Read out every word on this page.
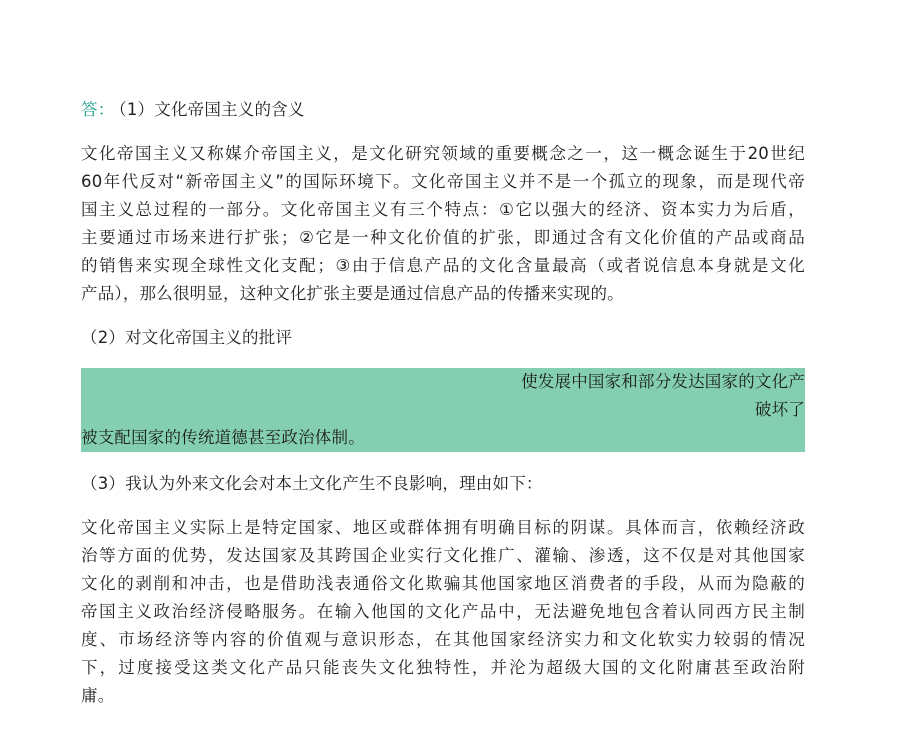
答： （1）文化帝国主义的含义
文化帝国主义又称媒介帝国主义，是文化研究领域的重要概念之一，这一概念诞生于20世纪
60年代反对“新帝国主义”的国际环境下。文化帝国主义并不是一个孤立的现象，而是现代帝
国主义总过程的一部分。文化帝国主义有三个特点：①它以强大的经济、资本实力为后盾，
主要通过市场来进行扩张；②它是一种文化价值的扩张，即通过含有文化价值的产品或商品
的销售来实现全球性文化支配；③由于信息产品的文化含量最高（或者说信息本身就是文化
产品），那么很明显，这种文化扩张主要是通过信息产品的传播来实现的。
（2）对文化帝国主义的批评
使发展中国家和部分发达国家的文化产
破坏了
被支配国家的传统道德甚至政治体制。
（3）我认为外来文化会对本土文化产生不良影响，理由如下：
文化帝国主义实际上是特定国家、地区或群体拥有明确目标的阴谋。具体而言，依赖经济政
治等方面的优势，发达国家及其跨国企业实行文化推广、灌输、渗透，这不仅是对其他国家
文化的剥削和冲击，也是借助浅表通俗文化欺骗其他国家地区消费者的手段，从而为隐蔽的
帝国主义政治经济侵略服务。在输入他国的文化产品中，无法避免地包含着认同西方民主制
度、市场经济等内容的价值观与意识形态，在其他国家经济实力和文化软实力较弱的情况
下，过度接受这类文化产品只能丧失文化独特性，并沦为超级大国的文化附庸甚至政治附
庸。
